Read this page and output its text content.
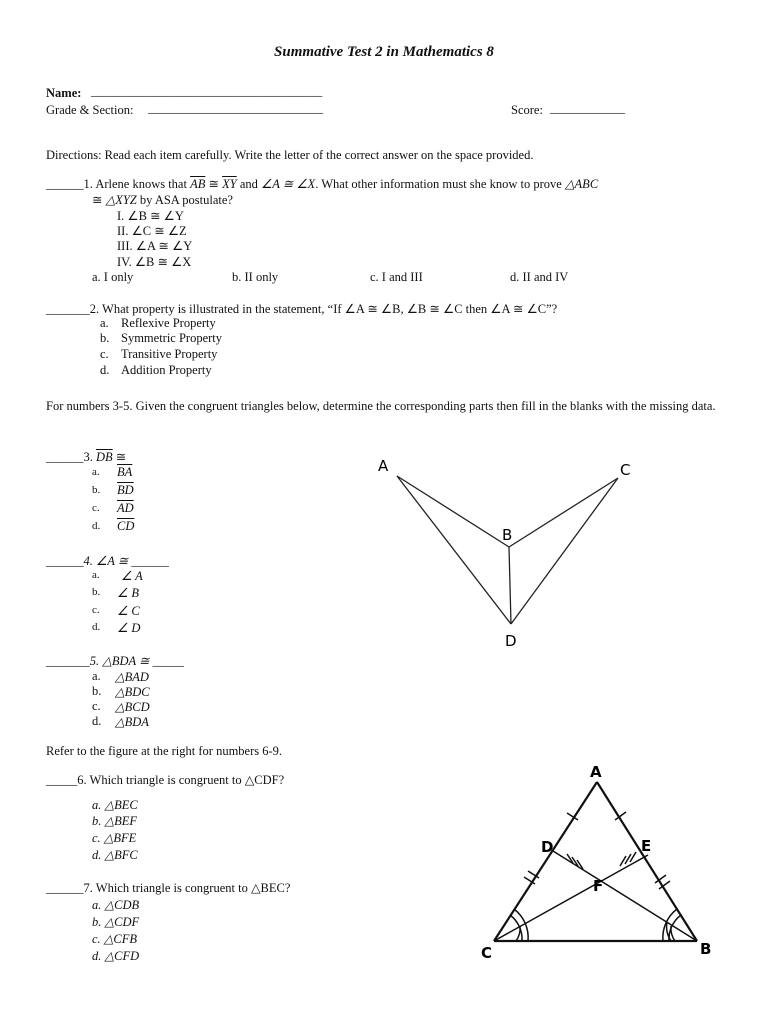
Summative Test 2 in Mathematics 8
Name: _____________________________________
Grade & Section: ____________________________	Score: ____________
Directions: Read each item carefully. Write the letter of the correct answer on the space provided.
______1. Arlene knows that $\overline{AB}$ ≅ $\overline{XY}$ and ∠A ≅ ∠X. What other information must she know to prove △ABC
≅ △XYZ by ASA postulate?
I. ∠B ≅ ∠Y
II. ∠C ≅ ∠Z
III. ∠A ≅ ∠Y
IV. ∠B ≅ ∠X
a. I only	b. II only	c. I and III	d. II and IV
_______2. What property is illustrated in the statement, “If ∠A ≅ ∠B, ∠B ≅ ∠C then ∠A ≅ ∠C”?
a. Reflexive Property
b. Symmetric Property
c. Transitive Property
d. Addition Property
For numbers 3-5. Given the congruent triangles below, determine the corresponding parts then fill in the blanks with the missing data.
______3. $\overline{DB}$ ≅
a. $\overline{BA}$
b. $\overline{BD}$
c. $\overline{AD}$
d. $\overline{CD}$
______4. ∠A ≅ ______
a. ∠ A
b. ∠ B
c. ∠ C
d. ∠ D
_______5. △BDA ≅ _____
a. △BAD
b. △BDC
c. △BCD
d. △BDA
Refer to the figure at the right for numbers 6-9.
_____6. Which triangle is congruent to △CDF?
a. △BEC
b. △BEF
c. △BFE
d. △BFC
______7. Which triangle is congruent to △BEC?
a. △CDB
b. △CDF
c. △CFB
d. △CFD
A
B
C
D
A
B
C
D	E
F
